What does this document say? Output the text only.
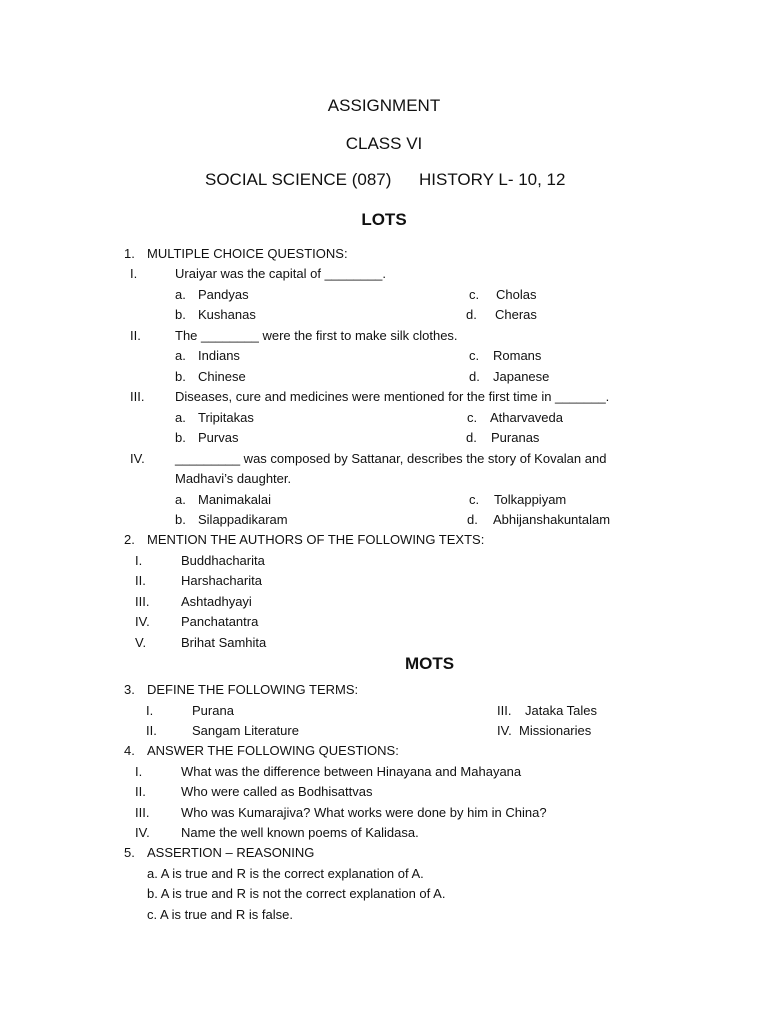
ASSIGNMENT
CLASS VI
SOCIAL SCIENCE (087) HISTORY L- 10, 12
LOTS
1. MULTIPLE CHOICE QUESTIONS:
I.	Uraiyar was the capital of ________.
a. Pandyas	c. Cholas
b. Kushanas	d. Cheras
II.	The ________ were the first to make silk clothes.
a. Indians	c. Romans
b. Chinese	d. Japanese
III. Diseases, cure and medicines were mentioned for the first time in _______.
a. Tripitakas	c. Atharvaveda
b. Purvas	d. Puranas
IV. _________ was composed by Sattanar, describes the story of Kovalan and
Madhavi’s daughter.
a. Manimakalai	c. Tolkappiyam
b. Silappadikaram	d. Abhijanshakuntalam
2. MENTION THE AUTHORS OF THE FOLLOWING TEXTS:
I.	Buddhacharita
II.	Harshacharita
III. Ashtadhyayi
IV. Panchatantra
V.	Brihat Samhita
MOTS
3. DEFINE THE FOLLOWING TERMS:
I.	Purana	III. Jataka Tales
II.	Sangam Literature	IV. Missionaries
4. ANSWER THE FOLLOWING QUESTIONS:
I.	What was the difference between Hinayana and Mahayana
II.	Who were called as Bodhisattvas
III. Who was Kumarajiva? What works were done by him in China?
IV. Name the well known poems of Kalidasa.
5. ASSERTION – REASONING
a. A is true and R is the correct explanation of A.
b. A is true and R is not the correct explanation of A.
c. A is true and R is false.
